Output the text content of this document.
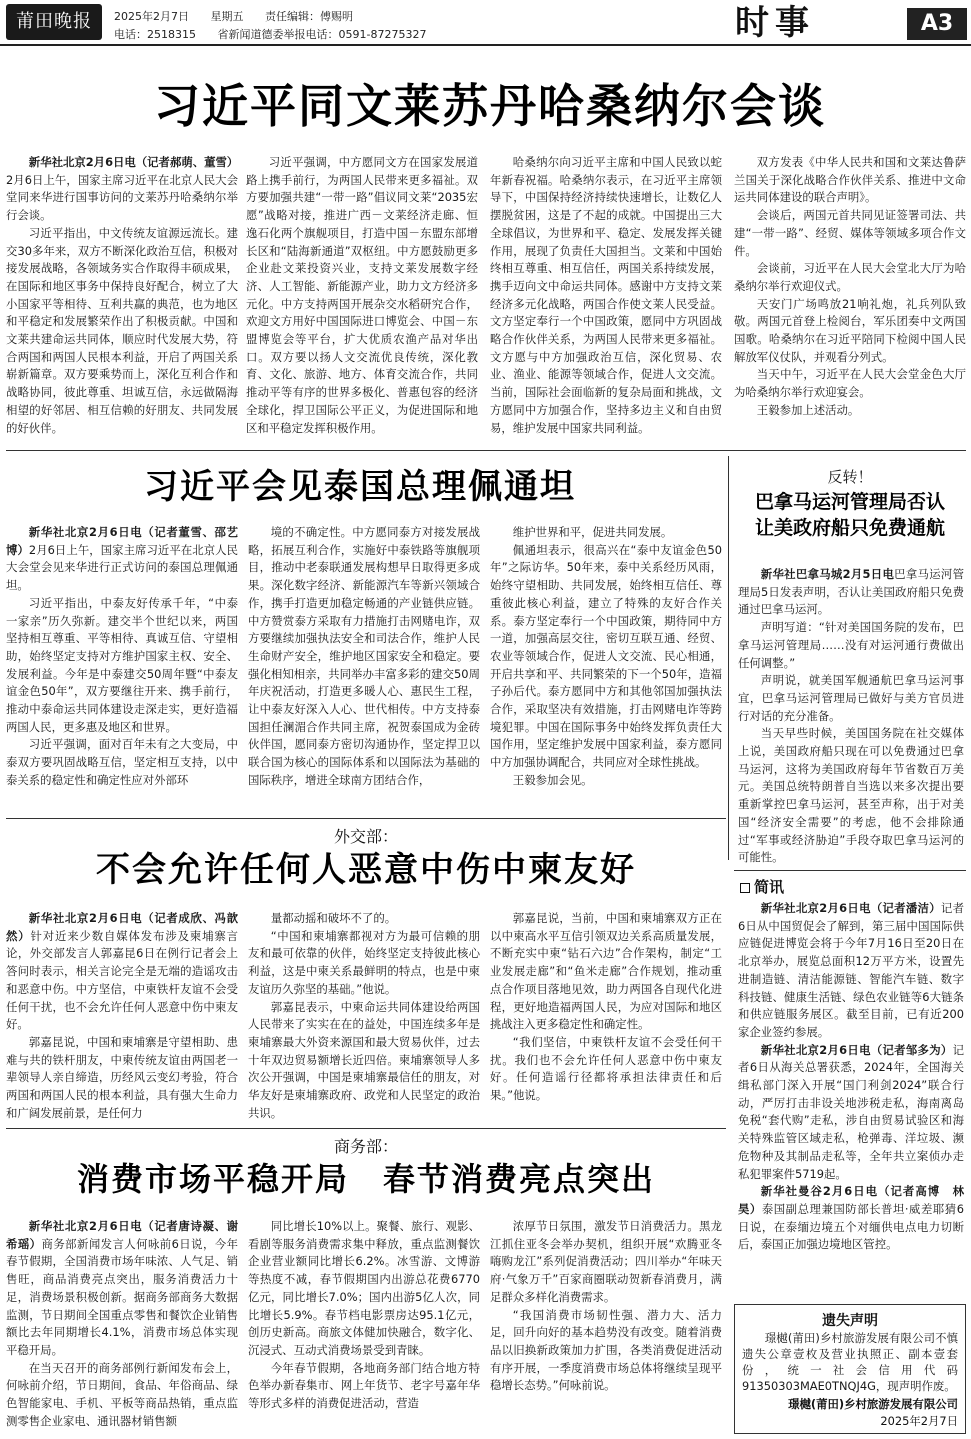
莆田晚报	2025年2月7日 星期五 责任编辑：傅赐明
电话：2518315 省新闻道德委举报电话：0591-87275327	时事	A3
习近平同文莱苏丹哈桑纳尔会谈

新华社北京2月6日电（记者郝萌、董雪）2月6日上午，国家主席习近平在北京人民大会堂同来华进行国事访问的文莱苏丹哈桑纳尔举行会谈。

习近平指出，中文传统友谊源远流长。建交30多年来，双方不断深化政治互信，积极对接发展战略，各领域务实合作取得丰硕成果，在国际和地区事务中保持良好配合，树立了大小国家平等相待、互利共赢的典范，也为地区和平稳定和发展繁荣作出了积极贡献。中国和文莱共建命运共同体，顺应时代发展大势，符合两国和两国人民根本利益，开启了两国关系崭新篇章。双方要乘势而上，深化互利合作和战略协同，彼此尊重、坦诚互信，永远做隔海相望的好邻居、相互信赖的好朋友、共同发展的好伙伴。

习近平强调，中方愿同文方在国家发展道路上携手前行，为两国人民带来更多福祉。双方要加强共建“一带一路”倡议同文莱“2035宏愿”战略对接，推进广西－文莱经济走廊、恒逸石化两个旗舰项目，打造中国－东盟东部增长区和“陆海新通道”双枢纽。中方愿鼓励更多企业赴文莱投资兴业，支持文莱发展数字经济、人工智能、新能源产业，助力文方经济多元化。中方支持两国开展杂交水稻研究合作，欢迎文方用好中国国际进口博览会、中国－东盟博览会等平台，扩大优质农渔产品对华出口。双方要以扬人文交流优良传统，深化教育、文化、旅游、地方、体育交流合作，共同推动平等有序的世界多极化、普惠包容的经济全球化，捍卫国际公平正义，为促进国际和地区和平稳定发挥积极作用。

哈桑纳尔向习近平主席和中国人民致以蛇年新春祝福。哈桑纳尔表示，在习近平主席领导下，中国保持经济持续快速增长，让数亿人摆脱贫困，这是了不起的成就。中国提出三大全球倡议，为世界和平、稳定、发展发挥关键作用，展现了负责任大国担当。文莱和中国始终相互尊重、相互信任，两国关系持续发展，携手迈向文中命运共同体。感谢中方支持文莱经济多元化战略，两国合作使文莱人民受益。文方坚定奉行一个中国政策，愿同中方巩固战略合作伙伴关系，为两国人民带来更多福祉。文方愿与中方加强政治互信，深化贸易、农业、渔业、能源等领域合作，促进人文交流。当前，国际社会面临新的复杂局面和挑战，文方愿同中方加强合作，坚持多边主义和自由贸易，维护发展中国家共同利益。

双方发表《中华人民共和国和文莱达鲁萨兰国关于深化战略合作伙伴关系、推进中文命运共同体建设的联合声明》。

会谈后，两国元首共同见证签署司法、共建“一带一路”、经贸、媒体等领域多项合作文件。

会谈前，习近平在人民大会堂北大厅为哈桑纳尔举行欢迎仪式。

天安门广场鸣放21响礼炮，礼兵列队致敬。两国元首登上检阅台，军乐团奏中文两国国歌。哈桑纳尔在习近平陪同下检阅中国人民解放军仪仗队，并观看分列式。

当天中午，习近平在人民大会堂金色大厅为哈桑纳尔举行欢迎宴会。

王毅参加上述活动。

习近平会见泰国总理佩通坦

新华社北京2月6日电（记者董雪、邵艺博）2月6日上午，国家主席习近平在北京人民大会堂会见来华进行正式访问的泰国总理佩通坦。

习近平指出，中泰友好传承千年，“中泰一家亲”历久弥新。建交半个世纪以来，两国坚持相互尊重、平等相待、真诚互信、守望相助，始终坚定支持对方维护国家主权、安全、发展利益。今年是中泰建交50周年暨“中泰友谊金色50年”，双方要继往开来、携手前行，推动中泰命运共同体建设走深走实，更好造福两国人民，更多惠及地区和世界。

习近平强调，面对百年未有之大变局，中泰双方要巩固战略互信，坚定相互支持，以中泰关系的稳定性和确定性应对外部环

境的不确定性。中方愿同泰方对接发展战略，拓展互利合作，实施好中泰铁路等旗舰项目，推动中老泰联通发展构想早日取得更多成果。深化数字经济、新能源汽车等新兴领域合作，携手打造更加稳定畅通的产业链供应链。中方赞赏泰方采取有力措施打击网赌电诈，双方要继续加强执法安全和司法合作，维护人民生命财产安全，维护地区国家安全和稳定。要强化相知相亲，共同举办丰富多彩的建交50周年庆祝活动，打造更多暖人心、惠民生工程，让中泰友好深入人心、世代相传。中方支持泰国担任澜湄合作共同主席，祝贺泰国成为金砖伙伴国，愿同泰方密切沟通协作，坚定捍卫以联合国为核心的国际体系和以国际法为基础的国际秩序，增进全球南方团结合作，

维护世界和平，促进共同发展。

佩通坦表示，很高兴在“泰中友谊金色50年”之际访华。50年来，泰中关系经历风雨，始终守望相助、共同发展，始终相互信任、尊重彼此核心利益，建立了特殊的友好合作关系。泰方坚定奉行一个中国政策，期待同中方一道，加强高层交往，密切互联互通、经贸、农业等领域合作，促进人文交流、民心相通，开启共享和平、共同繁荣的下一个50年，造福子孙后代。泰方愿同中方和其他邻国加强执法合作，采取坚决有效措施，打击网赌电诈等跨境犯罪。中国在国际事务中始终发挥负责任大国作用，坚定维护发展中国家利益，泰方愿同中方加强协调配合，共同应对全球性挑战。

王毅参加会见。

反转！
巴拿马运河管理局否认
让美政府船只免费通航

新华社巴拿马城2月5日电巴拿马运河管理局5日发表声明，否认让美国政府船只免费通过巴拿马运河。

声明写道：“针对美国国务院的发布，巴拿马运河管理局……没有对运河通行费做出任何调整。”

声明说，就美国军舰通航巴拿马运河事宜，巴拿马运河管理局已做好与美方官员进行对话的充分准备。

当天早些时候，美国国务院在社交媒体上说，美国政府船只现在可以免费通过巴拿马运河，这将为美国政府每年节省数百万美元。美国总统特朗普自当选以来多次提出要重新掌控巴拿马运河，甚至声称，出于对美国“经济安全需要”的考虑，他不会排除通过“军事或经济胁迫”手段夺取巴拿马运河的可能性。

外交部：
不会允许任何人恶意中伤中柬友好

新华社北京2月6日电（记者成欣、冯歆然）针对近来少数自媒体发布涉及柬埔寨言论，外交部发言人郭嘉昆6日在例行记者会上答问时表示，相关言论完全是无端的造谣攻击和恶意中伤。中方坚信，中柬铁杆友谊不会受任何干扰，也不会允许任何人恶意中伤中柬友好。

郭嘉昆说，中国和柬埔寨是守望相助、患难与共的铁杆朋友，中柬传统友谊由两国老一辈领导人亲自缔造，历经风云变幻考验，符合两国和两国人民的根本利益，具有强大生命力和广阔发展前景，是任何力

量都动摇和破坏不了的。

“中国和柬埔寨都视对方为最可信赖的朋友和最可依靠的伙伴，始终坚定支持彼此核心利益，这是中柬关系最鲜明的特点，也是中柬友谊历久弥坚的基础。”他说。

郭嘉昆表示，中柬命运共同体建设给两国人民带来了实实在在的益处，中国连续多年是柬埔寨最大外资来源国和最大贸易伙伴，过去十年双边贸易额增长近四倍。柬埔寨领导人多次公开强调，中国是柬埔寨最信任的朋友，对华友好是柬埔寨政府、政党和人民坚定的政治共识。

郭嘉昆说，当前，中国和柬埔寨双方正在以中柬高水平互信引领双边关系高质量发展，不断充实中柬“钻石六边”合作架构，制定“工业发展走廊”和“鱼米走廊”合作规划，推动重点合作项目落地见效，助力两国各自现代化进程，更好地造福两国人民，为应对国际和地区挑战注入更多稳定性和确定性。

“我们坚信，中柬铁杆友谊不会受任何干扰。我们也不会允许任何人恶意中伤中柬友好。任何造谣行径都将承担法律责任和后果。”他说。

简讯

新华社北京2月6日电（记者潘洁）记者6日从中国贸促会了解到，第三届中国国际供应链促进博览会将于今年7月16日至20日在北京举办，展览总面积12万平方米，设置先进制造链、清洁能源链、智能汽车链、数字科技链、健康生活链、绿色农业链等6大链条和供应链服务展区。截至目前，已有近200家企业签约参展。

新华社北京2月6日电（记者邹多为）记者6日从海关总署获悉，2024年，全国海关缉私部门深入开展“国门利剑2024”联合行动，严厉打击非设关地涉税走私，海南离岛免税“套代购”走私，涉自由贸易试验区和海关特殊监管区域走私，枪弹毒、洋垃圾、濒危物种及其制品走私等，全年共立案侦办走私犯罪案件5719起。

新华社曼谷2月6日电（记者高博　林昊）泰国副总理兼国防部长普坦·威差耶猜6日说，在泰缅边境五个对缅供电点电力切断后，泰国正加强边境地区管控。

商务部：
消费市场平稳开局　春节消费亮点突出

新华社北京2月6日电（记者唐诗凝、谢希瑶）商务部新闻发言人何咏前6日说，今年春节假期，全国消费市场年味浓、人气足、销售旺，商品消费亮点突出，服务消费活力十足，消费场景积极创新。据商务部商务大数据监测，节日期间全国重点零售和餐饮企业销售额比去年同期增长4.1%，消费市场总体实现平稳开局。

在当天召开的商务部例行新闻发布会上，何咏前介绍，节日期间，食品、年俗商品、绿色智能家电、手机、平板等商品热销，重点监测零售企业家电、通讯器材销售额

同比增长10%以上。聚餐、旅行、观影、看剧等服务消费需求集中释放，重点监测餐饮企业营业额同比增长6.2%。冰雪游、文博游等热度不减，春节假期国内出游总花费6770亿元，同比增长7.0%；国内出游5亿人次，同比增长5.9%。春节档电影票房达95.1亿元，创历史新高。商旅文体健加快融合，数字化、沉浸式、互动式消费场景受到青睐。

今年春节假期，各地商务部门结合地方特色举办新春集市、网上年货节、老字号嘉年华等形式多样的消费促进活动，营造

浓厚节日氛围，激发节日消费活力。黑龙江抓住亚冬会举办契机，组织开展“欢腾亚冬　嗨购龙江”系列促消费活动；四川举办“年味天府·气象万千”百家商圈联动贺新春消费月，满足群众多样化消费需求。

“我国消费市场韧性强、潜力大、活力足，回升向好的基本趋势没有改变。随着消费品以旧换新政策加力扩围，各类消费促进活动有序开展，一季度消费市场总体将继续呈现平稳增长态势。”何咏前说。

遗失声明

璟樾(莆田)乡村旅游发展有限公司不慎遗失公章壹枚及营业执照正、副本壹套份，统一社会信用代码91350303MAE0TNQJ4G，现声明作废。

璟樾(莆田)乡村旅游发展有限公司
2025年2月7日
